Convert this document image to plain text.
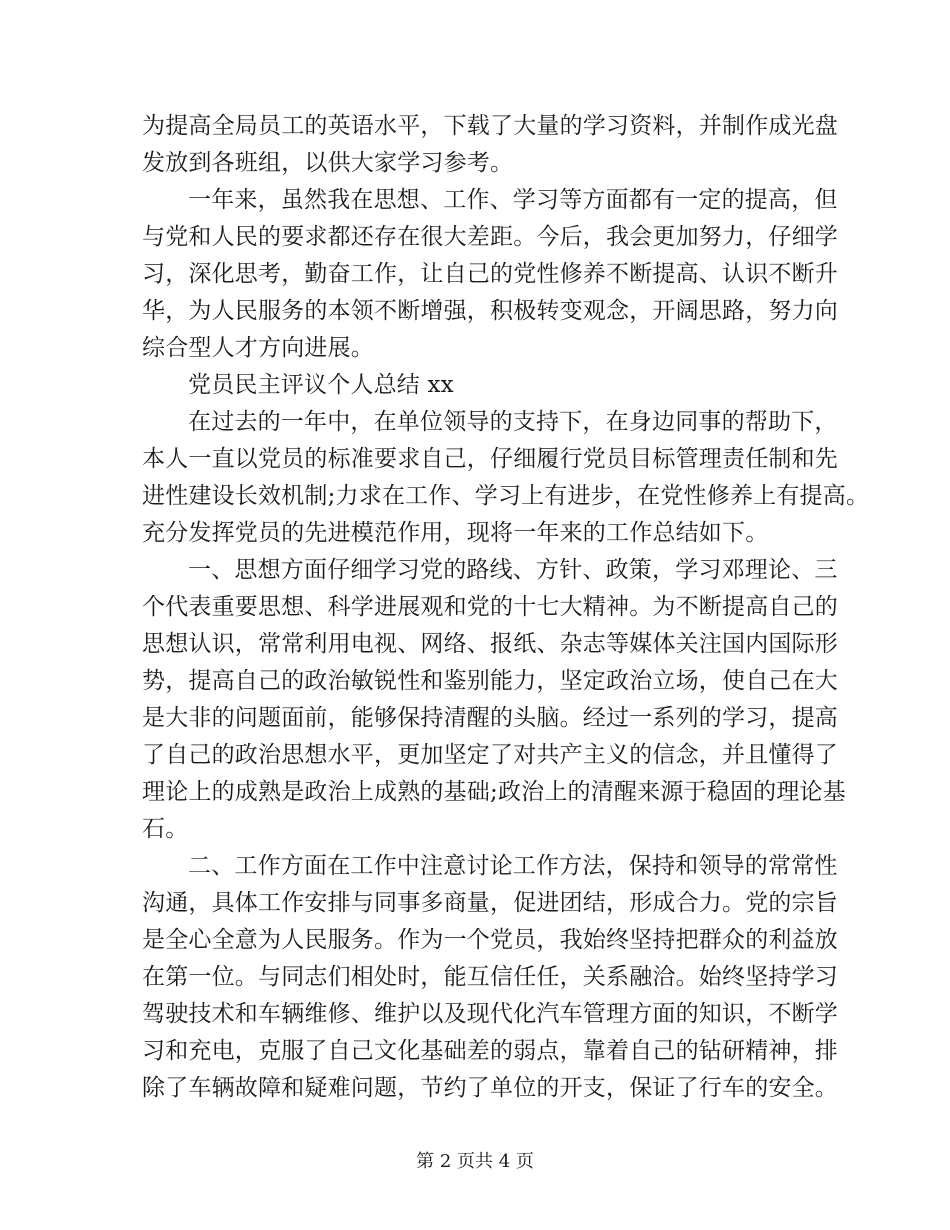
为提高全局员工的英语水平，下载了大量的学习资料，并制作成光盘
发放到各班组，以供大家学习参考。
一年来，虽然我在思想、工作、学习等方面都有一定的提高，但
与党和人民的要求都还存在很大差距。今后，我会更加努力，仔细学
习，深化思考，勤奋工作，让自己的党性修养不断提高、认识不断升
华，为人民服务的本领不断增强，积极转变观念，开阔思路，努力向
综合型人才方向进展。
党员民主评议个人总结 xx
在过去的一年中，在单位领导的支持下，在身边同事的帮助下，
本人一直以党员的标准要求自己，仔细履行党员目标管理责任制和先
进性建设长效机制;力求在工作、学习上有进步，在党性修养上有提高。
充分发挥党员的先进模范作用，现将一年来的工作总结如下。
一、思想方面仔细学习党的路线、方针、政策，学习邓理论、三
个代表重要思想、科学进展观和党的十七大精神。为不断提高自己的
思想认识，常常利用电视、网络、报纸、杂志等媒体关注国内国际形
势，提高自己的政治敏锐性和鉴别能力，坚定政治立场，使自己在大
是大非的问题面前，能够保持清醒的头脑。经过一系列的学习，提高
了自己的政治思想水平，更加坚定了对共产主义的信念，并且懂得了
理论上的成熟是政治上成熟的基础;政治上的清醒来源于稳固的理论基
石。
二、工作方面在工作中注意讨论工作方法，保持和领导的常常性
沟通，具体工作安排与同事多商量，促进团结，形成合力。党的宗旨
是全心全意为人民服务。作为一个党员，我始终坚持把群众的利益放
在第一位。与同志们相处时，能互信任任，关系融洽。始终坚持学习
驾驶技术和车辆维修、维护以及现代化汽车管理方面的知识，不断学
习和充电，克服了自己文化基础差的弱点，靠着自己的钻研精神，排
除了车辆故障和疑难问题，节约了单位的开支，保证了行车的安全。
第 2 页共 4 页
